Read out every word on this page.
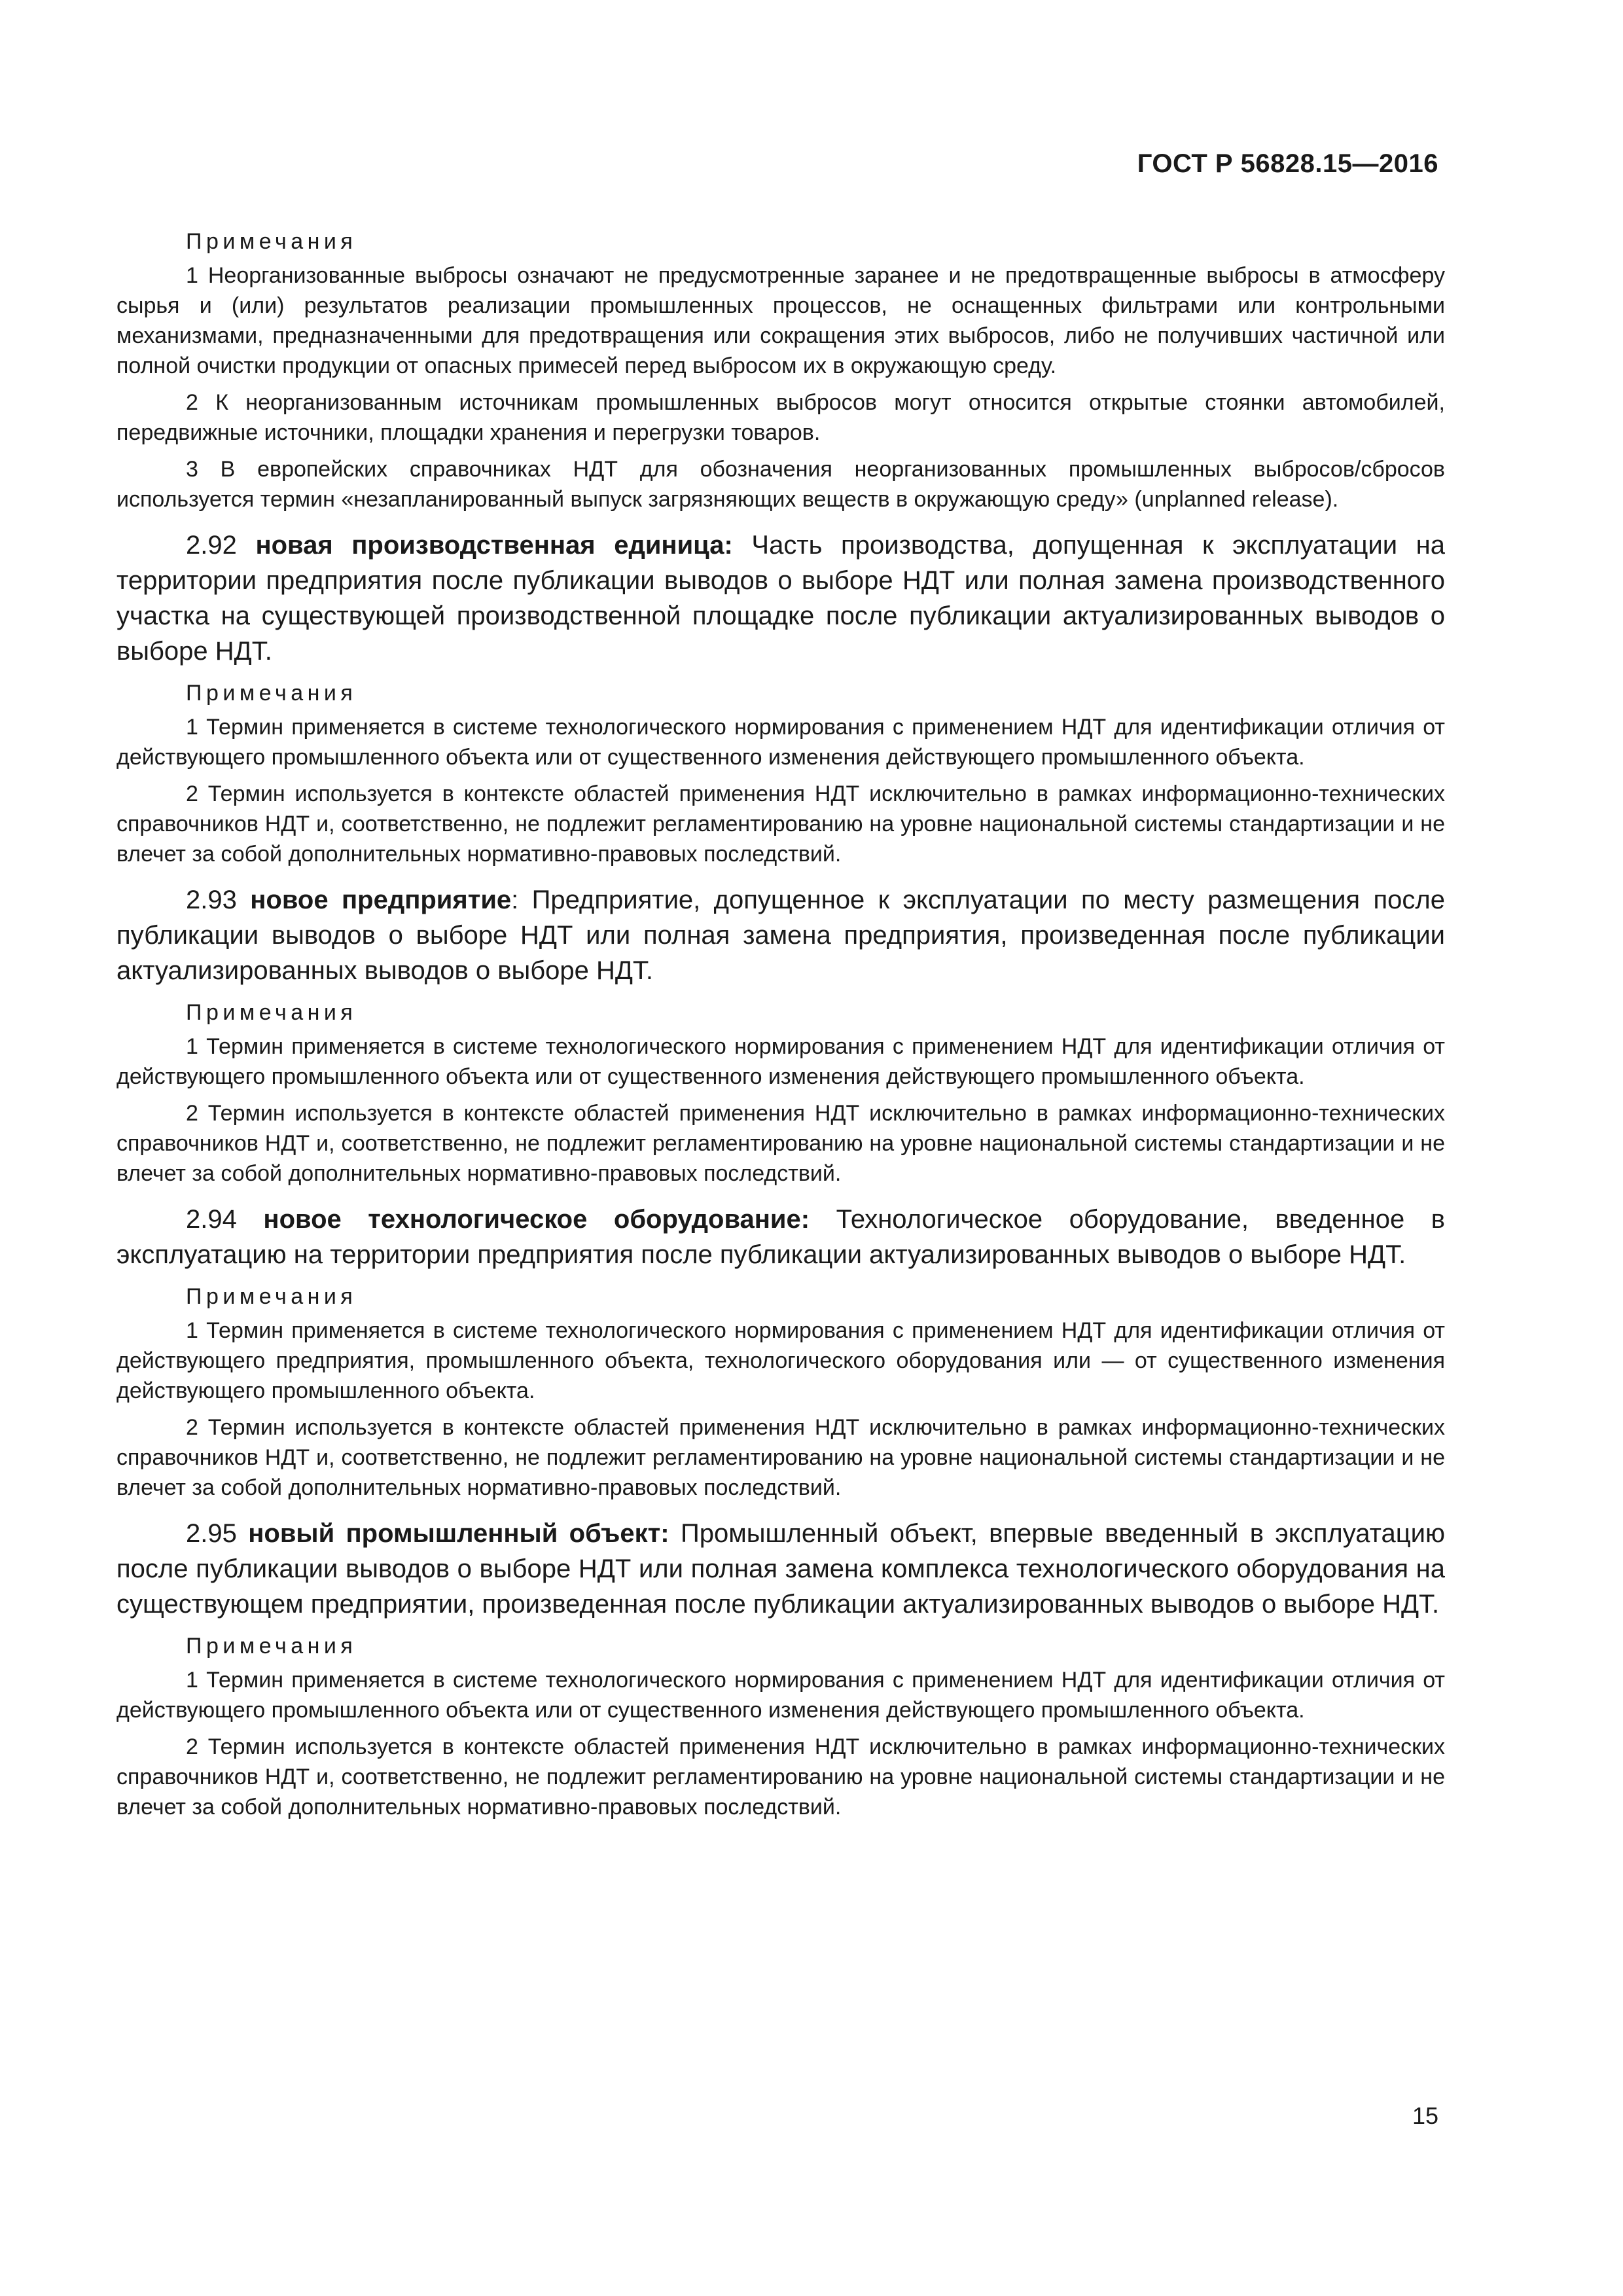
ГОСТ Р 56828.15—2016
Примечания

1 Неорганизованные выбросы означают не предусмотренные заранее и не предотвращенные выбросы в атмосферу сырья и (или) результатов реализации промышленных процессов, не оснащенных фильтрами или контрольными механизмами, предназначенными для предотвращения или сокращения этих выбросов, либо не получивших частичной или полной очистки продукции от опасных примесей перед выбросом их в окружающую среду.

2 К неорганизованным источникам промышленных выбросов могут относится открытые стоянки автомобилей, передвижные источники, площадки хранения и перегрузки товаров.

3 В европейских справочниках НДТ для обозначения неорганизованных промышленных выбросов/сбросов используется термин «незапланированный выпуск загрязняющих веществ в окружающую среду» (unplanned release).

2.92 новая производственная единица: Часть производства, допущенная к эксплуатации на территории предприятия после публикации выводов о выборе НДТ или полная замена производственного участка на существующей производственной площадке после публикации актуализированных выводов о выборе НДТ.

Примечания

1 Термин применяется в системе технологического нормирования с применением НДТ для идентификации отличия от действующего промышленного объекта или от существенного изменения действующего промышленного объекта.

2 Термин используется в контексте областей применения НДТ исключительно в рамках информационно-технических справочников НДТ и, соответственно, не подлежит регламентированию на уровне национальной системы стандартизации и не влечет за собой дополнительных нормативно-правовых последствий.

2.93 новое предприятие: Предприятие, допущенное к эксплуатации по месту размещения после публикации выводов о выборе НДТ или полная замена предприятия, произведенная после публикации актуализированных выводов о выборе НДТ.

Примечания

1 Термин применяется в системе технологического нормирования с применением НДТ для идентификации отличия от действующего промышленного объекта или от существенного изменения действующего промышленного объекта.

2 Термин используется в контексте областей применения НДТ исключительно в рамках информационно-технических справочников НДТ и, соответственно, не подлежит регламентированию на уровне национальной системы стандартизации и не влечет за собой дополнительных нормативно-правовых последствий.

2.94 новое технологическое оборудование: Технологическое оборудование, введенное в эксплуатацию на территории предприятия после публикации актуализированных выводов о выборе НДТ.

Примечания

1 Термин применяется в системе технологического нормирования с применением НДТ для идентификации отличия от действующего предприятия, промышленного объекта, технологического оборудования или — от существенного изменения действующего промышленного объекта.

2 Термин используется в контексте областей применения НДТ исключительно в рамках информационно-технических справочников НДТ и, соответственно, не подлежит регламентированию на уровне национальной системы стандартизации и не влечет за собой дополнительных нормативно-правовых последствий.

2.95 новый промышленный объект: Промышленный объект, впервые введенный в эксплуатацию после публикации выводов о выборе НДТ или полная замена комплекса технологического оборудования на существующем предприятии, произведенная после публикации актуализированных выводов о выборе НДТ.

Примечания

1 Термин применяется в системе технологического нормирования с применением НДТ для идентификации отличия от действующего промышленного объекта или от существенного изменения действующего промышленного объекта.

2 Термин используется в контексте областей применения НДТ исключительно в рамках информационно-технических справочников НДТ и, соответственно, не подлежит регламентированию на уровне национальной системы стандартизации и не влечет за собой дополнительных нормативно-правовых последствий.

15
